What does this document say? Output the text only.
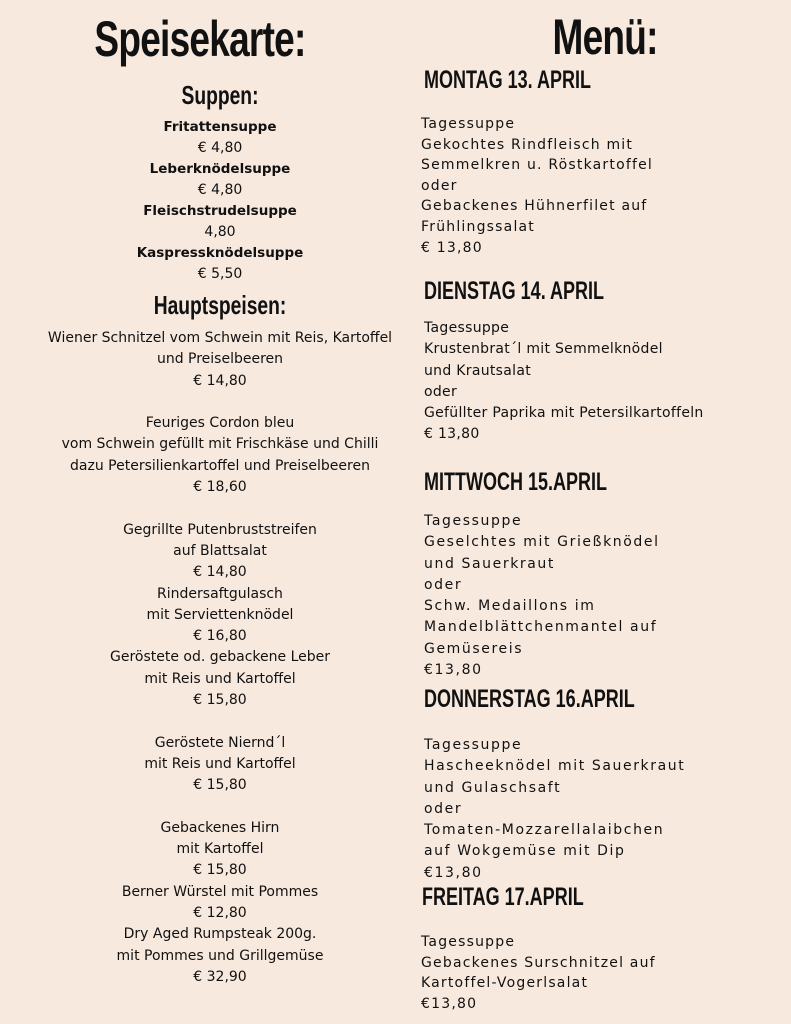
Speisekarte:
Suppen:
Fritattensuppe
€ 4,80
Leberknödelsuppe
€ 4,80
Fleischstrudelsuppe
4,80
Kaspressknödelsuppe
€ 5,50
Hauptspeisen:
Wiener Schnitzel vom Schwein mit Reis, Kartoffel
und Preiselbeeren
€ 14,80
Feuriges Cordon bleu
vom Schwein gefüllt mit Frischkäse und Chilli
dazu Petersilienkartoffel und Preiselbeeren
€ 18,60
Gegrillte Putenbruststreifen
auf Blattsalat
€ 14,80
Rindersaftgulasch
mit Serviettenknödel
€ 16,80
Geröstete od. gebackene Leber
mit Reis und Kartoffel
€ 15,80
Geröstete Niernd´l
mit Reis und Kartoffel
€ 15,80
Gebackenes Hirn
mit Kartoffel
€ 15,80
Berner Würstel mit Pommes
€ 12,80
Dry Aged Rumpsteak 200g.
mit Pommes und Grillgemüse
€ 32,90
Menü:
MONTAG 13. APRIL
Tagessuppe
Gekochtes Rindfleisch mit
Semmelkren u. Röstkartoffel
oder
Gebackenes Hühnerfilet auf
Frühlingssalat
€ 13,80
DIENSTAG 14. APRIL
Tagessuppe
Krustenbrat´l mit Semmelknödel
und Krautsalat
oder
Gefüllter Paprika mit Petersilkartoffeln
€ 13,80
MITTWOCH 15.APRIL
Tagessuppe
Geselchtes mit Grießknödel
und Sauerkraut
oder
Schw. Medaillons im
Mandelblättchenmantel auf
Gemüsereis
€13,80
DONNERSTAG 16.APRIL
Tagessuppe
Hascheeknödel mit Sauerkraut
und Gulaschsaft
oder
Tomaten-Mozzarellalaibchen
auf Wokgemüse mit Dip
€13,80
FREITAG 17.APRIL
Tagessuppe
Gebackenes Surschnitzel auf
Kartoffel-Vogerlsalat
€13,80
